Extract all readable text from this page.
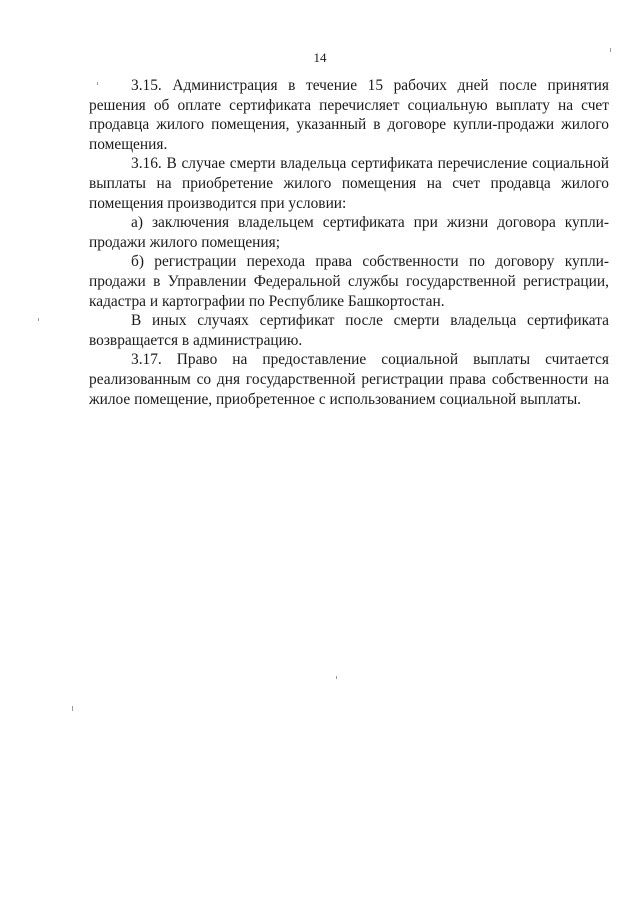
14

3.15. Администрация в течение 15 рабочих дней после принятия решения об оплате сертификата перечисляет социальную выплату на счет продавца жилого помещения, указанный в договоре купли-продажи жилого помещения.

3.16. В случае смерти владельца сертификата перечисление социальной выплаты на приобретение жилого помещения на счет продавца жилого помещения производится при условии:

а) заключения владельцем сертификата при жизни договора купли-продажи жилого помещения;

б) регистрации перехода права собственности по договору купли-продажи в Управлении Федеральной службы государственной регистрации, кадастра и картографии по Республике Башкортостан.

В иных случаях сертификат после смерти владельца сертификата возвращается в администрацию.

3.17. Право на предоставление социальной выплаты считается реализованным со дня государственной регистрации права собственности на жилое помещение, приобретенное с использованием социальной выплаты.
